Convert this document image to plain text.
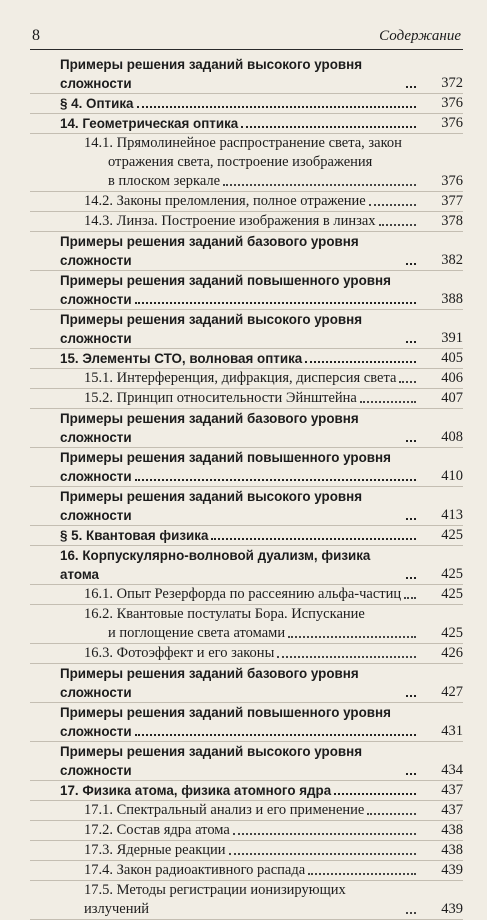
8	Содержание
Примеры решения заданий высокого уровня сложности	372

§ 4. Оптика	376

14. Геометрическая оптика	376

14.1. Прямолинейное распространение света, закон
отражения света, построение изображения
в плоском зеркале	376

14.2. Законы преломления, полное отражение	377

14.3. Линза. Построение изображения в линзах	378

Примеры решения заданий базового уровня сложности	382

Примеры решения заданий повышенного уровня
сложности	388

Примеры решения заданий высокого уровня сложности	391

15. Элементы СТО, волновая оптика	405

15.1. Интерференция, дифракция, дисперсия света	406

15.2. Принцип относительности Эйнштейна	407

Примеры решения заданий базового уровня сложности	408

Примеры решения заданий повышенного уровня
сложности	410

Примеры решения заданий высокого уровня сложности	413

§ 5. Квантовая физика	425

16. Корпускулярно-волновой дуализм, физика атома	425

16.1. Опыт Резерфорда по рассеянию альфа-частиц	425

16.2. Квантовые постулаты Бора. Испускание
и поглощение света атомами	425

16.3. Фотоэффект и его законы	426

Примеры решения заданий базового уровня сложности	427

Примеры решения заданий повышенного уровня
сложности	431

Примеры решения заданий высокого уровня сложности	434

17. Физика атома, физика атомного ядра	437

17.1. Спектральный анализ и его применение	437

17.2. Состав ядра атома	438

17.3. Ядерные реакции	438

17.4. Закон радиоактивного распада	439

17.5. Методы регистрации ионизирующих излучений	439
